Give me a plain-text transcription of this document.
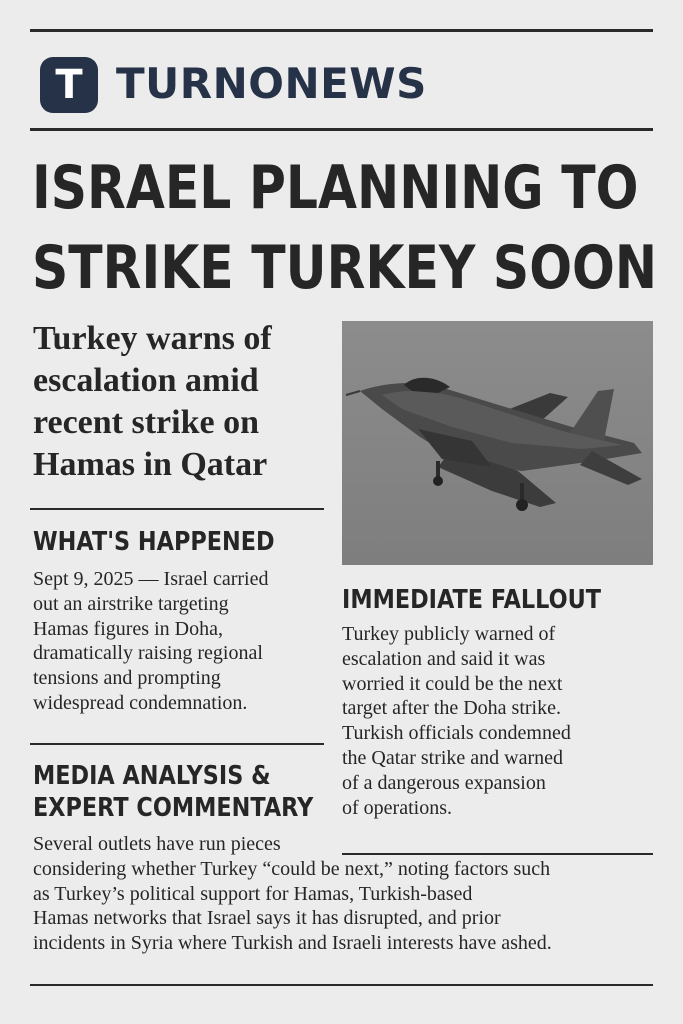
T TURNONEWS
ISRAEL PLANNING TO
STRIKE TURKEY SOON
Turkey warns of
escalation amid
recent strike on
Hamas in Qatar
WHAT'S HAPPENED
Sept 9, 2025 — Israel carried
out an airstrike targeting
Hamas figures in Doha,
dramatically raising regional
tensions and prompting
widespread condemnation.
IMMEDIATE FALLOUT
Turkey publicly warned of
escalation and said it was
worried it could be the next
target after the Doha strike.
Turkish officials condemned
the Qatar strike and warned
of a dangerous expansion
of operations.
MEDIA ANALYSIS &
EXPERT COMMENTARY
Several outlets have run pieces
considering whether Turkey “could be next,” noting factors such
as Turkey’s political support for Hamas, Turkish-based
Hamas networks that Israel says it has disrupted, and prior
incidents in Syria where Turkish and Israeli interests have ashed.
